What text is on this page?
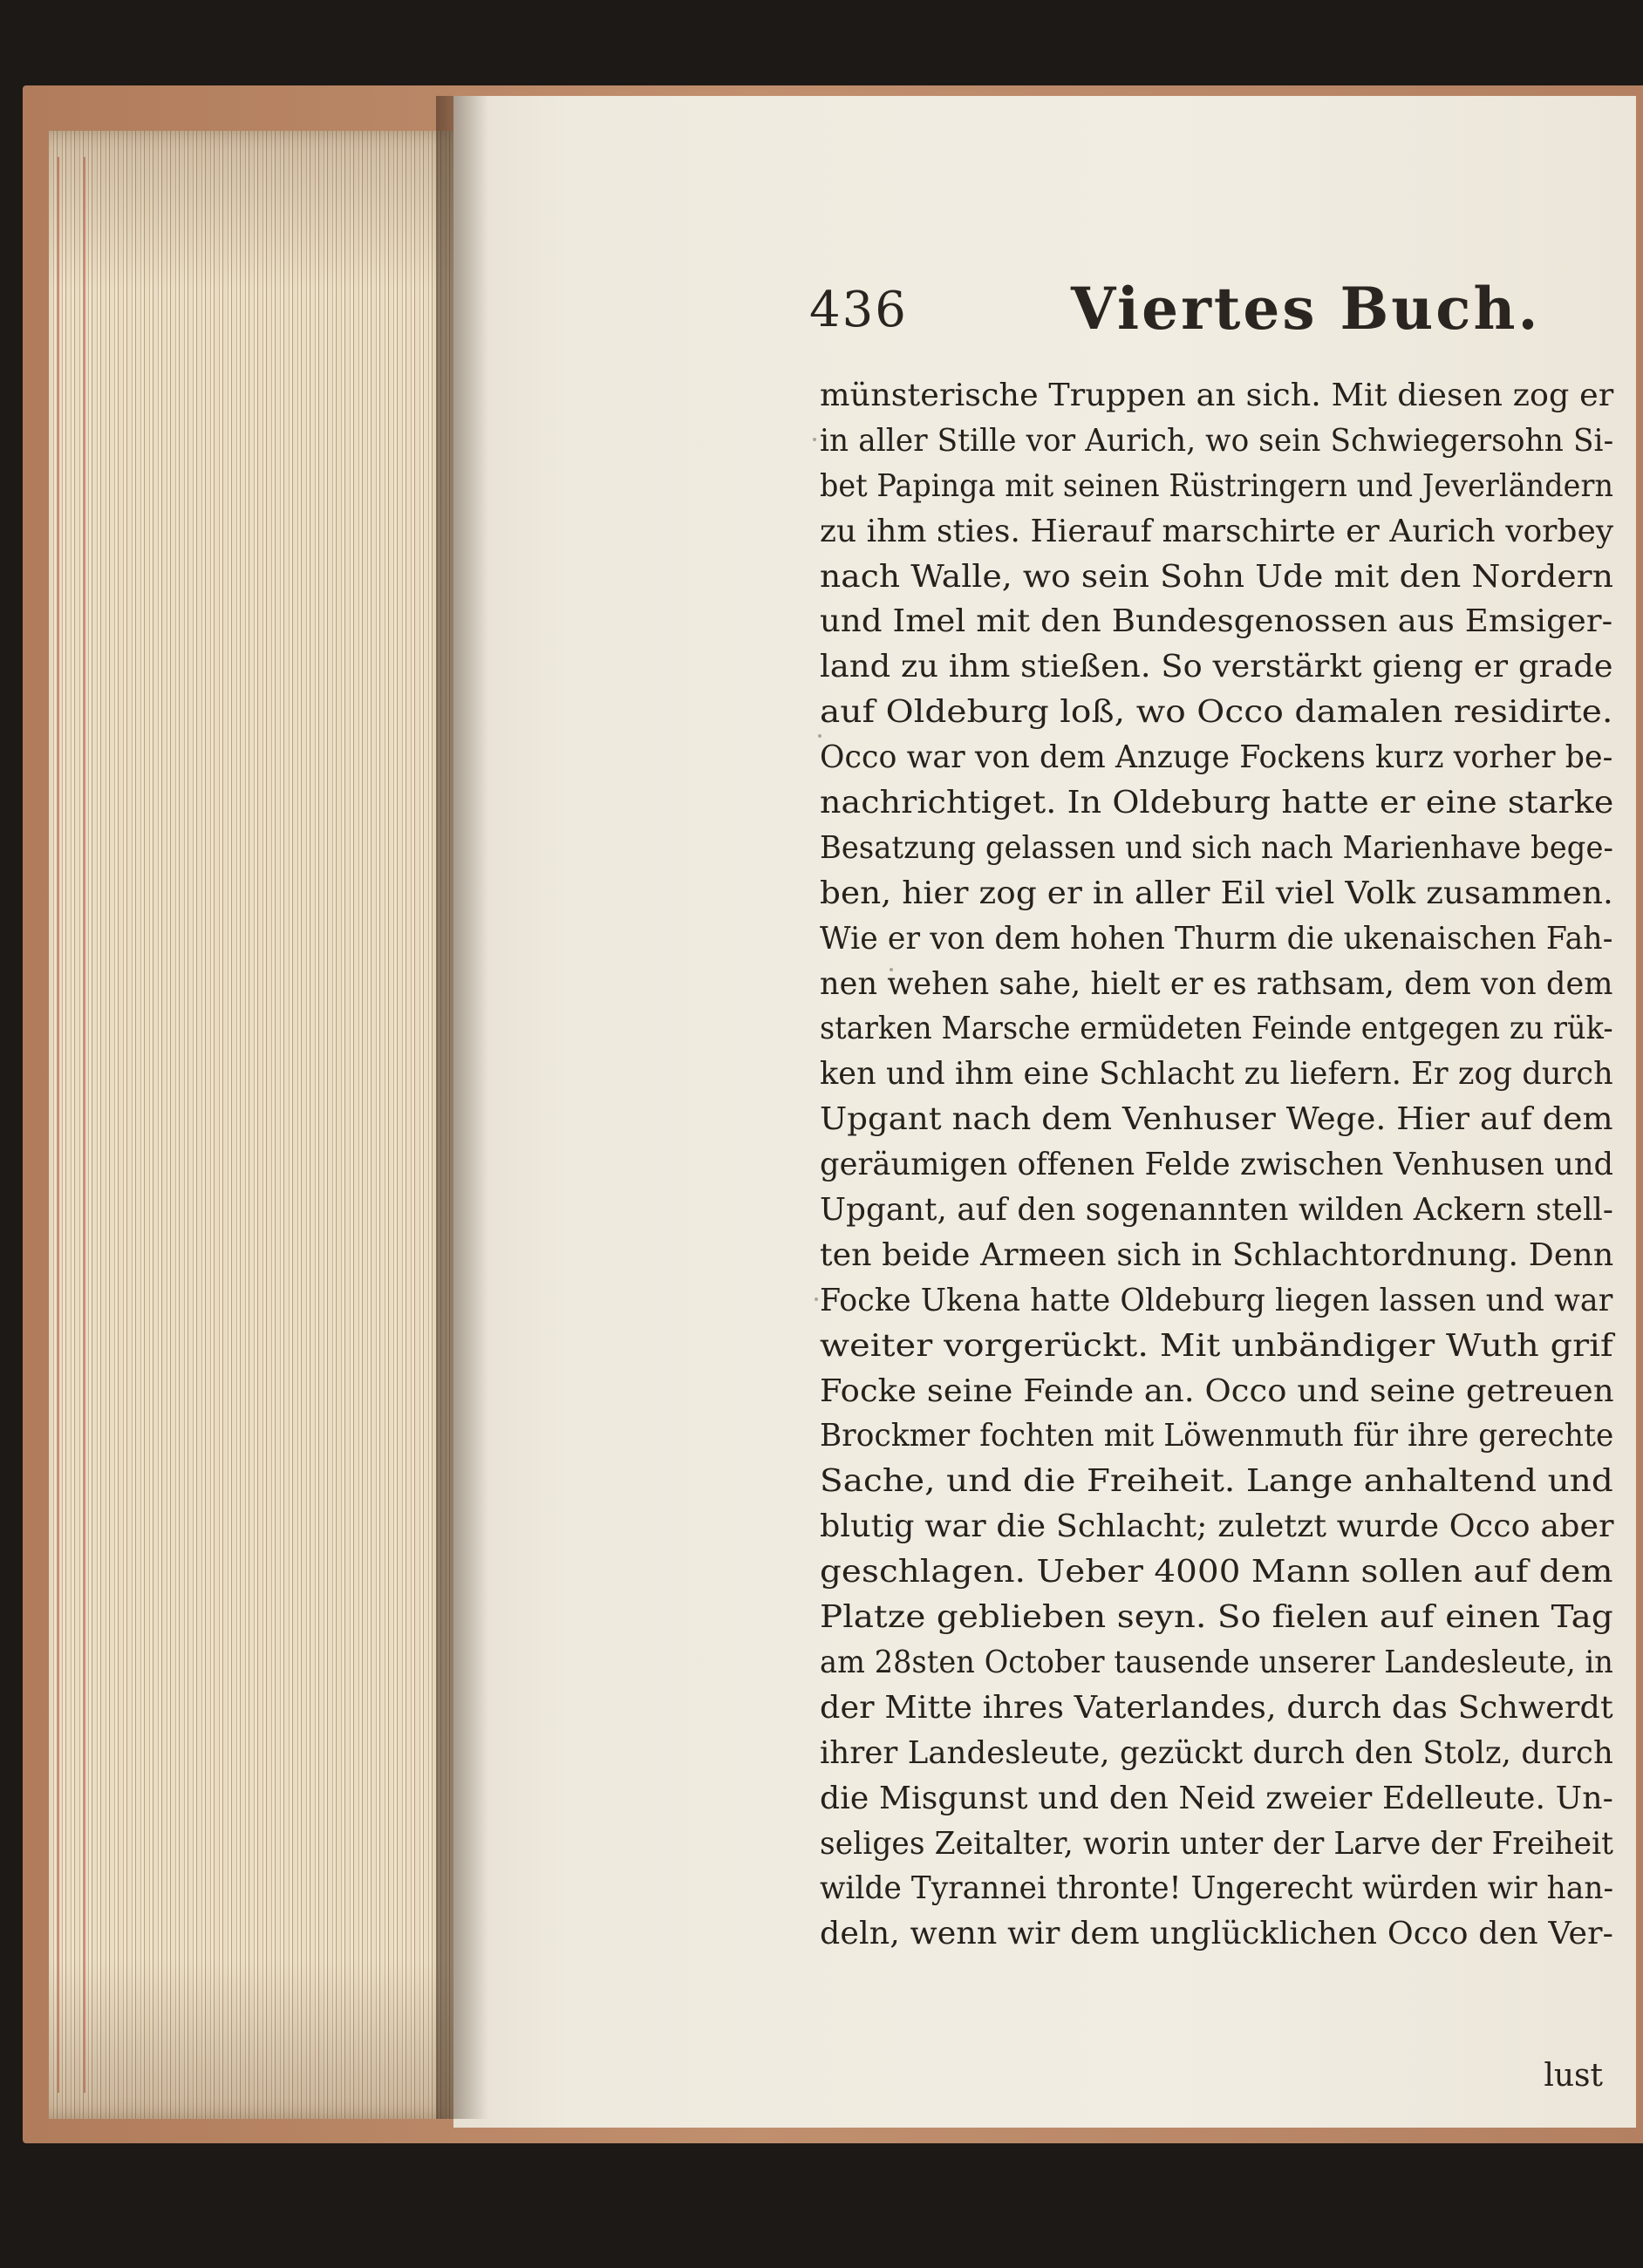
436	Viertes Buch.
münsterische Truppen an sich. Mit diesen zog er
in aller Stille vor Aurich, wo sein Schwiegersohn Si-
bet Papinga mit seinen Rüstringern und Jeverländern
zu ihm sties. Hierauf marschirte er Aurich vorbey
nach Walle, wo sein Sohn Ude mit den Nordern
und Imel mit den Bundesgenossen aus Emsiger-
land zu ihm stießen. So verstärkt gieng er grade
auf Oldeburg loß, wo Occo damalen residirte.
Occo war von dem Anzuge Fockens kurz vorher be-
nachrichtiget. In Oldeburg hatte er eine starke
Besatzung gelassen und sich nach Marienhave bege-
ben, hier zog er in aller Eil viel Volk zusammen.
Wie er von dem hohen Thurm die ukenaischen Fah-
nen wehen sahe, hielt er es rathsam, dem von dem
starken Marsche ermüdeten Feinde entgegen zu rük-
ken und ihm eine Schlacht zu liefern. Er zog durch
Upgant nach dem Venhuser Wege. Hier auf dem
geräumigen offenen Felde zwischen Venhusen und
Upgant, auf den sogenannten wilden Ackern stell-
ten beide Armeen sich in Schlachtordnung. Denn
Focke Ukena hatte Oldeburg liegen lassen und war
weiter vorgerückt. Mit unbändiger Wuth grif
Focke seine Feinde an. Occo und seine getreuen
Brockmer fochten mit Löwenmuth für ihre gerechte
Sache, und die Freiheit. Lange anhaltend und
blutig war die Schlacht; zuletzt wurde Occo aber
geschlagen. Ueber 4000 Mann sollen auf dem
Platze geblieben seyn. So fielen auf einen Tag
am 28sten October tausende unserer Landesleute, in
der Mitte ihres Vaterlandes, durch das Schwerdt
ihrer Landesleute, gezückt durch den Stolz, durch
die Misgunst und den Neid zweier Edelleute. Un-
seliges Zeitalter, worin unter der Larve der Freiheit
wilde Tyrannei thronte! Ungerecht würden wir han-
deln, wenn wir dem unglücklichen Occo den Ver-
lust
